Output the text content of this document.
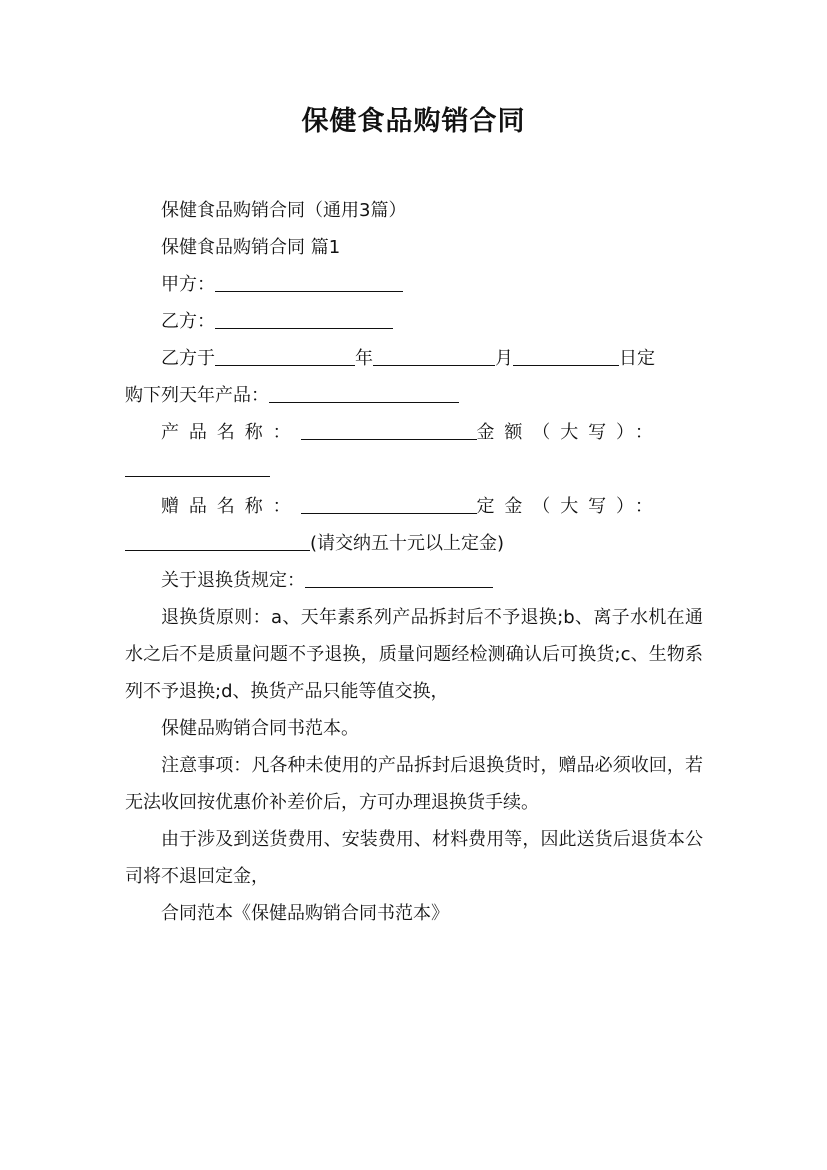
保健食品购销合同

保健食品购销合同（通用3篇）

保健食品购销合同 篇1

甲方：

乙方：

乙方于	年	月	日定

购下列天年产品：

产品名称：	金额（大写）：

赠品名称：	定金（大写）：

(请交纳五十元以上定金)

关于退换货规定：

退换货原则：a、天年素系列产品拆封后不予退换;b、离子水机在通水之后不是质量问题不予退换，质量问题经检测确认后可换货;c、生物系列不予退换;d、换货产品只能等值交换，

保健品购销合同书范本。

注意事项：凡各种未使用的产品拆封后退换货时，赠品必须收回，若无法收回按优惠价补差价后，方可办理退换货手续。

由于涉及到送货费用、安装费用、材料费用等，因此送货后退货本公司将不退回定金，

合同范本《保健品购销合同书范本》
